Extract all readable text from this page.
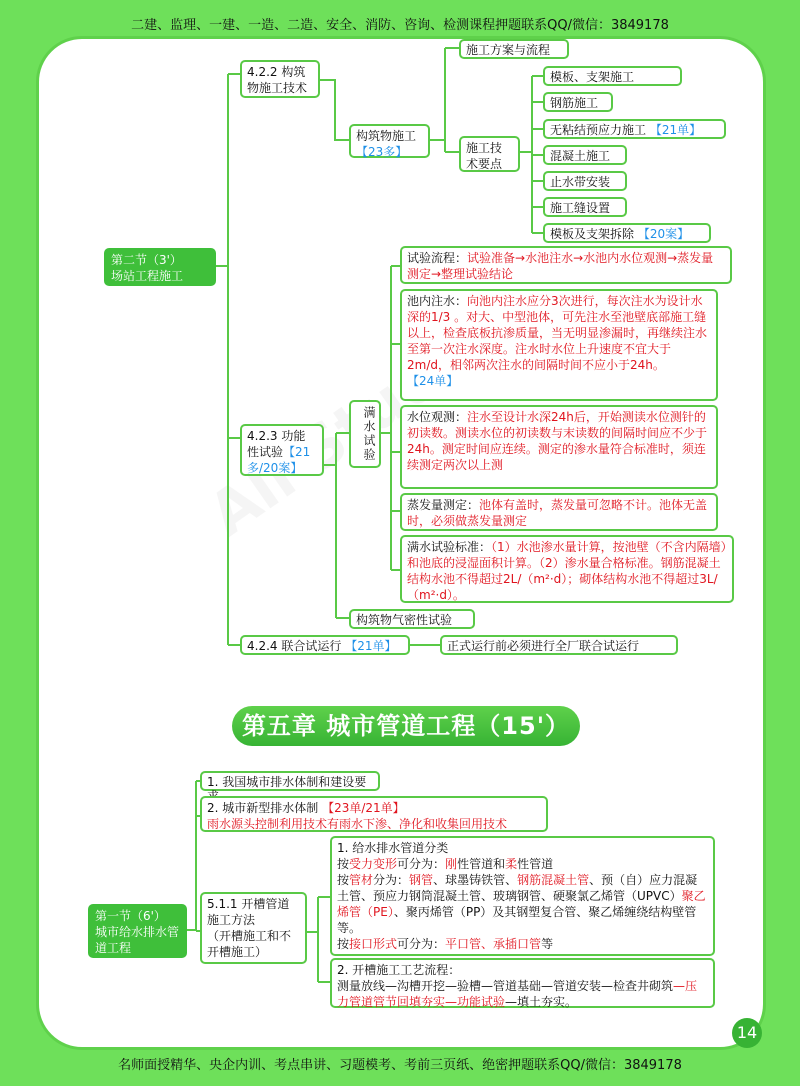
二建、监理、一建、一造、二造、安全、消防、咨询、检测课程押题联系QQ/微信：3849178
第二节（3'）
场站工程施工
4.2.2 构筑物施工技术
构筑物施工
【23多】
施工方案与流程
施工技术要点
模板、支架施工
钢筋施工
无粘结预应力施工 【21单】
混凝土施工
止水带安装
施工缝设置
模板及支架拆除 【20案】
4.2.3 功能性试验【21多/20案】
满水试验
试验流程：试验准备→水池注水→水池内水位观测→蒸发量测定→整理试验结论
池内注水：向池内注水应分3次进行，每次注水为设计水深的1/3 。对大、中型池体，可先注水至池壁底部施工缝以上，检查底板抗渗质量，当无明显渗漏时，再继续注水至第一次注水深度。注水时水位上升速度不宜大于2m/d，相邻两次注水的间隔时间不应小于24h。
【24单】
水位观测：注水至设计水深24h后，开始测读水位测针的初读数。测读水位的初读数与末读数的间隔时间应不少于24h。测定时间应连续。测定的渗水量符合标准时，须连续测定两次以上测
蒸发量测定：池体有盖时，蒸发量可忽略不计。池体无盖时，必须做蒸发量测定
满水试验标准：（1）水池渗水量计算，按池壁（不含内隔墙）和池底的浸湿面积计算。（2）渗水量合格标准。钢筋混凝土结构水池不得超过2L/（m²·d）；砌体结构水池不得超过3L/（m²·d）。
构筑物气密性试验
4.2.4 联合试运行 【21单】	正式运行前必须进行全厂联合试运行
第五章 城市管道工程（15'）
第一节（6'）
城市给水排水管道工程
1. 我国城市排水体制和建设要
2. 城市新型排水体制 【23单/21单】
雨水源头控制利用技术有雨水下渗、净化和收集回用技术
5.1.1 开槽管道施工方法
（开槽施工和不开槽施工）
1. 给水排水管道分类
按受力变形可分为：刚性管道和柔性管道
按管材分为：钢管、球墨铸铁管、钢筋混凝土管、预（自）应力混凝土管、预应力钢筒混凝土管、玻璃钢管、硬聚氯乙烯管（UPVC）聚乙烯管（PE）、聚丙烯管（PP）及其钢塑复合管、聚乙烯缠绕结构壁管等。
按接口形式可分为：平口管、承插口管等
2. 开槽施工工艺流程：
测量放线—沟槽开挖—验槽—管道基础—管道安装—检查井砌筑—压力管道管节回填夯实—功能试验—填土夯实。
14
名师面授精华、央企内训、考点串讲、习题模考、考前三页纸、绝密押题联系QQ/微信：3849178
